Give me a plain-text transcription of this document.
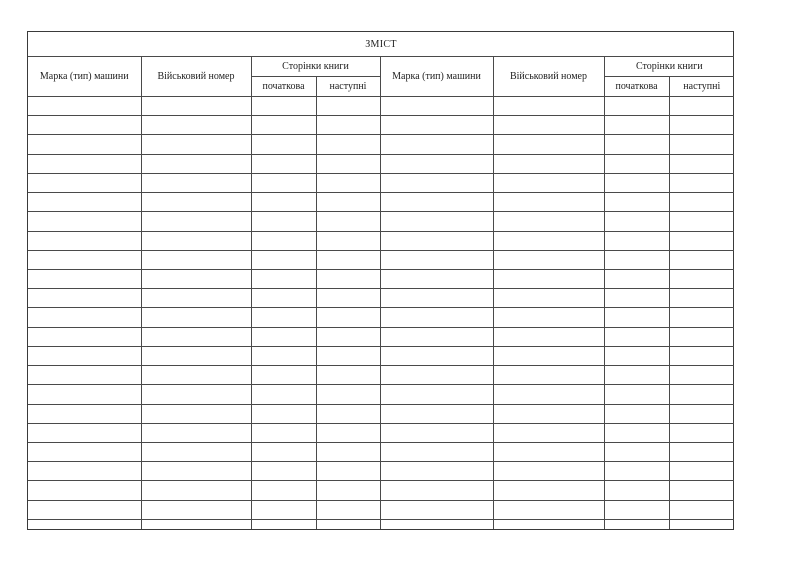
ЗМІСТ							
Марка (тип) машини	Військовий номер	Сторінки книги		Марка (тип) машини	Військовий номер	Сторінки книги	
		початкова	наступні			початкова	наступні
